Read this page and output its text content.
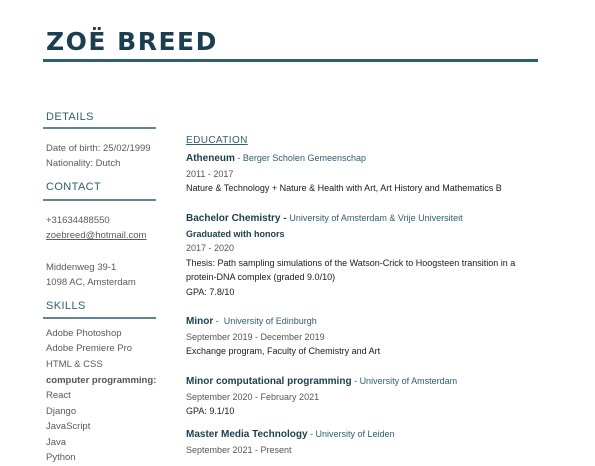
ZOË BREED
DETAILS
Date of birth: 25/02/1999
Nationality: Dutch
CONTACT
+31634488550
zoebreed@hotmail.com
Middenweg 39-1
1098 AC, Amsterdam
SKILLS
Adobe Photoshop
Adobe Premiere Pro
HTML & CSS
computer programming:
React
Django
JavaScript
Java
Python
EDUCATION
Atheneum - Berger Scholen Gemeenschap
2011 - 2017
Nature & Technology + Nature & Health with Art, Art History and Mathematics B
Bachelor Chemistry - University of Amsterdam & Vrije Universiteit
Graduated with honors
2017 - 2020
Thesis: Path sampling simulations of the Watson-Crick to Hoogsteen transition in a
protein-DNA complex (graded 9.0/10)
GPA: 7.8/10
Minor -  University of Edinburgh
September 2019 - December 2019
Exchange program, Faculty of Chemistry and Art
Minor computational programming - University of Amsterdam
September 2020 - February 2021
GPA: 9.1/10
Master Media Technology - University of Leiden
September 2021 - Present
